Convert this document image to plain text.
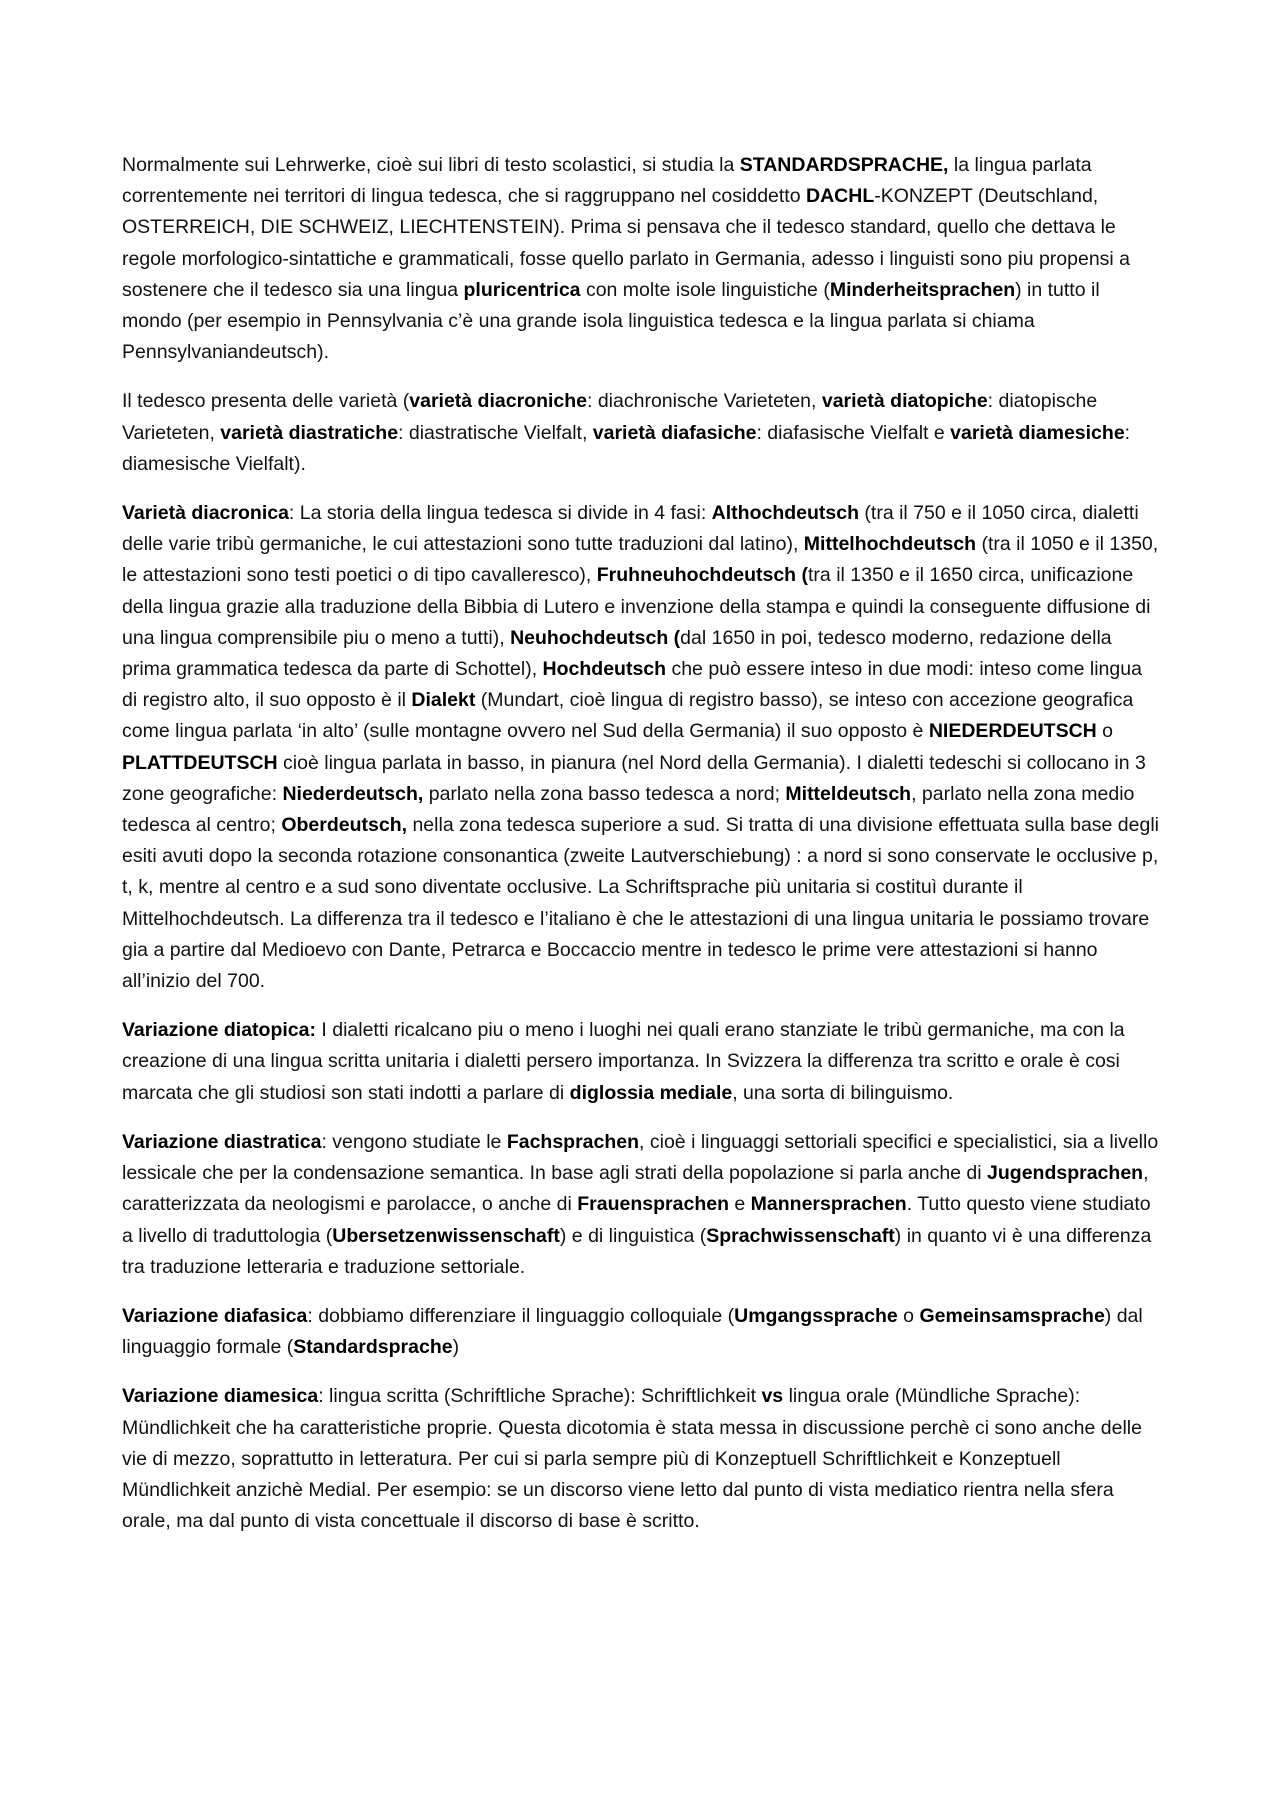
Normalmente sui Lehrwerke, cioè sui libri di testo scolastici, si studia la STANDARDSPRACHE, la lingua parlata correntemente nei territori di lingua tedesca, che si raggruppano nel cosiddetto DACHL-KONZEPT (Deutschland, OSTERREICH, DIE SCHWEIZ, LIECHTENSTEIN). Prima si pensava che il tedesco standard, quello che dettava le regole morfologico-sintattiche e grammaticali, fosse quello parlato in Germania, adesso i linguisti sono piu propensi a sostenere che il tedesco sia una lingua pluricentrica con molte isole linguistiche (Minderheitsprachen) in tutto il mondo (per esempio in Pennsylvania c’è una grande isola linguistica tedesca e la lingua parlata si chiama Pennsylvaniandeutsch).

Il tedesco presenta delle varietà (varietà diacroniche: diachronische Varieteten, varietà diatopiche: diatopische Varieteten, varietà diastratiche: diastratische Vielfalt, varietà diafasiche: diafasische Vielfalt e varietà diamesiche: diamesische Vielfalt).

Varietà diacronica: La storia della lingua tedesca si divide in 4 fasi: Althochdeutsch (tra il 750 e il 1050 circa, dialetti delle varie tribù germaniche, le cui attestazioni sono tutte traduzioni dal latino), Mittelhochdeutsch (tra il 1050 e il 1350, le attestazioni sono testi poetici o di tipo cavalleresco), Fruhneuhochdeutsch (tra il 1350 e il 1650 circa, unificazione della lingua grazie alla traduzione della Bibbia di Lutero e invenzione della stampa e quindi la conseguente diffusione di una lingua comprensibile piu o meno a tutti), Neuhochdeutsch (dal 1650 in poi, tedesco moderno, redazione della prima grammatica tedesca da parte di Schottel), Hochdeutsch che può essere inteso in due modi: inteso come lingua di registro alto, il suo opposto è il Dialekt (Mundart, cioè lingua di registro basso), se inteso con accezione geografica come lingua parlata ‘in alto’ (sulle montagne ovvero nel Sud della Germania) il suo opposto è NIEDERDEUTSCH o PLATTDEUTSCH cioè lingua parlata in basso, in pianura (nel Nord della Germania). I dialetti tedeschi si collocano in 3 zone geografiche: Niederdeutsch, parlato nella zona basso tedesca a nord; Mitteldeutsch, parlato nella zona medio tedesca al centro; Oberdeutsch, nella zona tedesca superiore a sud. Si tratta di una divisione effettuata sulla base degli esiti avuti dopo la seconda rotazione consonantica (zweite Lautverschiebung) : a nord si sono conservate le occlusive p, t, k, mentre al centro e a sud sono diventate occlusive. La Schriftsprache più unitaria si costituì durante il Mittelhochdeutsch. La differenza tra il tedesco e l’italiano è che le attestazioni di una lingua unitaria le possiamo trovare gia a partire dal Medioevo con Dante, Petrarca e Boccaccio mentre in tedesco le prime vere attestazioni si hanno all’inizio del 700.

Variazione diatopica: I dialetti ricalcano piu o meno i luoghi nei quali erano stanziate le tribù germaniche, ma con la creazione di una lingua scritta unitaria i dialetti persero importanza. In Svizzera la differenza tra scritto e orale è cosi marcata che gli studiosi son stati indotti a parlare di diglossia mediale, una sorta di bilinguismo.

Variazione diastratica: vengono studiate le Fachsprachen, cioè i linguaggi settoriali specifici e specialistici, sia a livello lessicale che per la condensazione semantica. In base agli strati della popolazione si parla anche di Jugendsprachen, caratterizzata da neologismi e parolacce, o anche di Frauensprachen e Mannersprachen. Tutto questo viene studiato a livello di traduttologia (Ubersetzenwissenschaft) e di linguistica (Sprachwissenschaft) in quanto vi è una differenza tra traduzione letteraria e traduzione settoriale.

Variazione diafasica: dobbiamo differenziare il linguaggio colloquiale (Umgangssprache o Gemeinsamsprache) dal linguaggio formale (Standardsprache)

Variazione diamesica: lingua scritta (Schriftliche Sprache): Schriftlichkeit vs lingua orale (Mündliche Sprache): Mündlichkeit che ha caratteristiche proprie. Questa dicotomia è stata messa in discussione perchè ci sono anche delle vie di mezzo, soprattutto in letteratura. Per cui si parla sempre più di Konzeptuell Schriftlichkeit e Konzeptuell Mündlichkeit anzichè Medial. Per esempio: se un discorso viene letto dal punto di vista mediatico rientra nella sfera orale, ma dal punto di vista concettuale il discorso di base è scritto.
